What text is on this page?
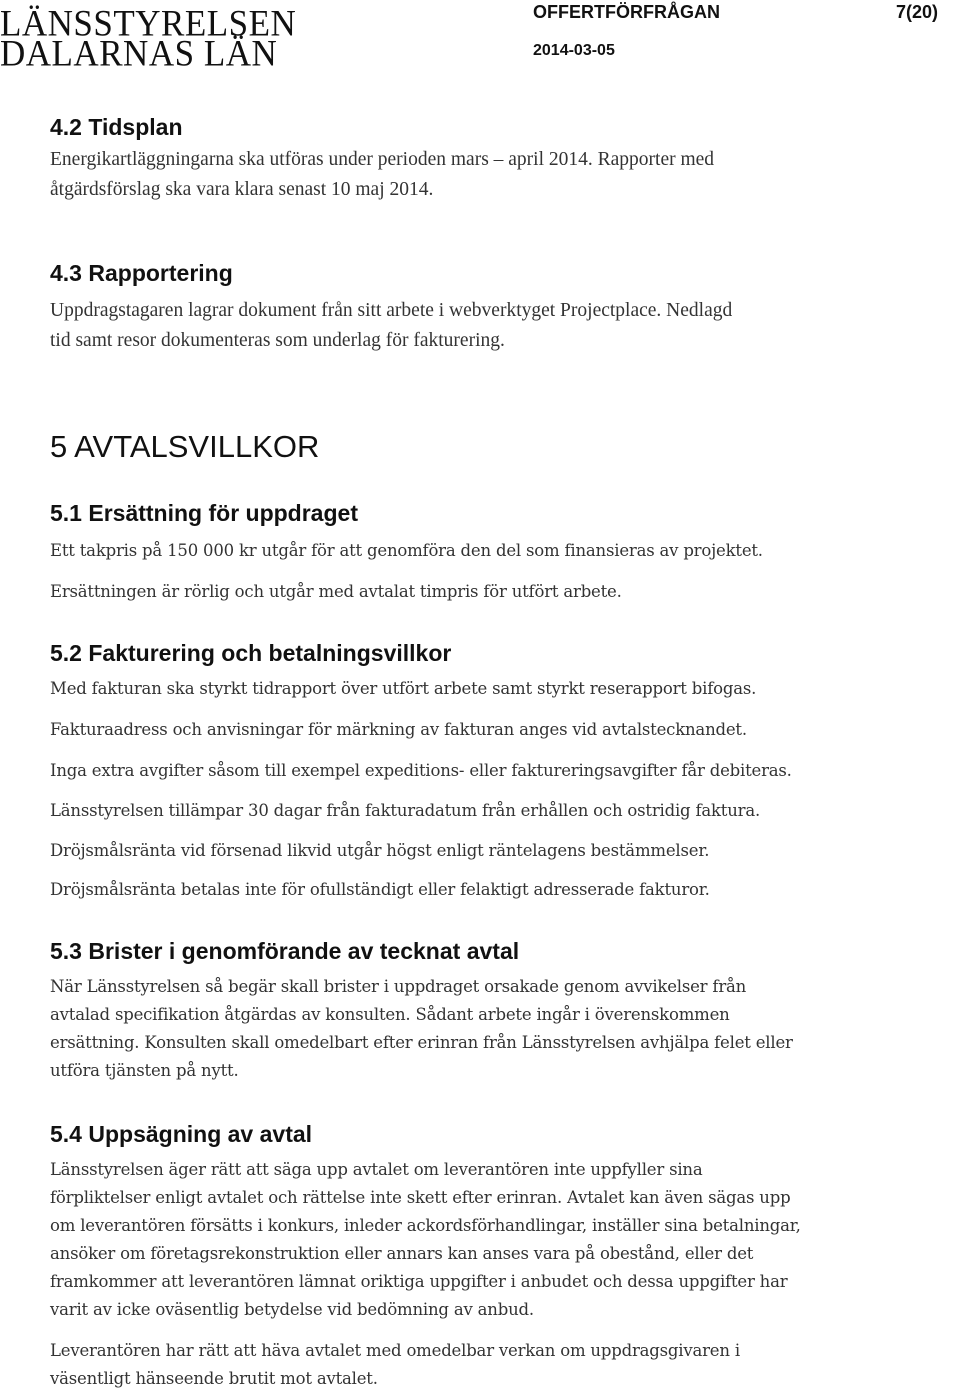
LÄNSSTYRELSEN
DALARNAS LÄN
OFFERTFÖRFRÅGAN	7(20)
2014-03-05
4.2 Tidsplan

Energikartläggningarna ska utföras under perioden mars – april 2014. Rapporter med
åtgärdsförslag ska vara klara senast 10 maj 2014.

4.3 Rapportering

Uppdragstagaren lagrar dokument från sitt arbete i webverktyget Projectplace. Nedlagd
tid samt resor dokumenteras som underlag för fakturering.

5 AVTALSVILLKOR
5.1 Ersättning för uppdraget

Ett takpris på 150 000 kr utgår för att genomföra den del som finansieras av projektet.

Ersättningen är rörlig och utgår med avtalat timpris för utfört arbete.

5.2 Fakturering och betalningsvillkor

Med fakturan ska styrkt tidrapport över utfört arbete samt styrkt reserapport bifogas.

Fakturaadress och anvisningar för märkning av fakturan anges vid avtalstecknandet.

Inga extra avgifter såsom till exempel expeditions- eller faktureringsavgifter får debiteras.

Länsstyrelsen tillämpar 30 dagar från fakturadatum från erhållen och ostridig faktura.

Dröjsmålsränta vid försenad likvid utgår högst enligt räntelagens bestämmelser.

Dröjsmålsränta betalas inte för ofullständigt eller felaktigt adresserade fakturor.

5.3 Brister i genomförande av tecknat avtal

När Länsstyrelsen så begär skall brister i uppdraget orsakade genom avvikelser från
avtalad specifikation åtgärdas av konsulten. Sådant arbete ingår i överenskommen
ersättning. Konsulten skall omedelbart efter erinran från Länsstyrelsen avhjälpa felet eller
utföra tjänsten på nytt.

5.4 Uppsägning av avtal

Länsstyrelsen äger rätt att säga upp avtalet om leverantören inte uppfyller sina
förpliktelser enligt avtalet och rättelse inte skett efter erinran. Avtalet kan även sägas upp
om leverantören försätts i konkurs, inleder ackordsförhandlingar, inställer sina betalningar,
ansöker om företagsrekonstruktion eller annars kan anses vara på obestånd, eller det
framkommer att leverantören lämnat oriktiga uppgifter i anbudet och dessa uppgifter har
varit av icke oväsentlig betydelse vid bedömning av anbud.

Leverantören har rätt att häva avtalet med omedelbar verkan om uppdragsgivaren i
väsentligt hänseende brutit mot avtalet.
